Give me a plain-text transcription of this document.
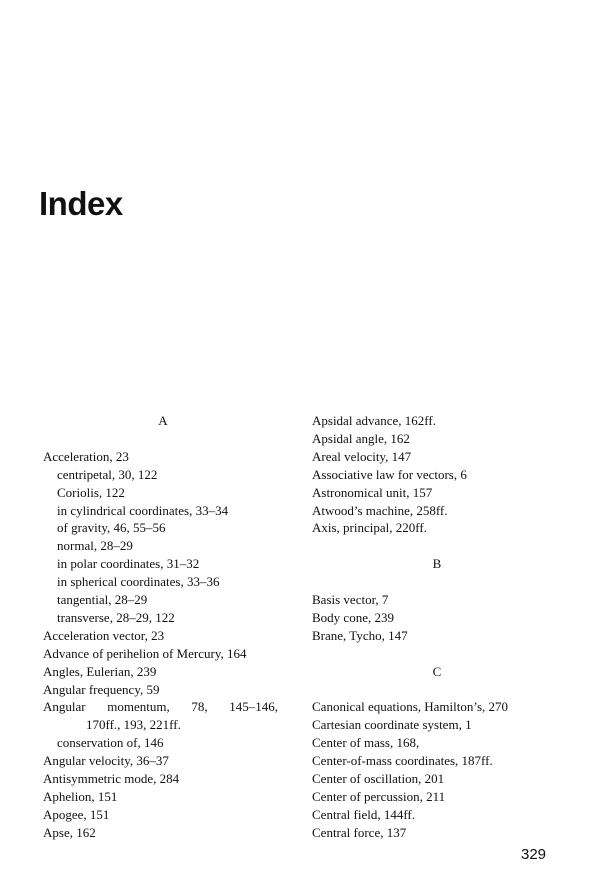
Index
A
Acceleration, 23
centripetal, 30, 122
Coriolis, 122
in cylindrical coordinates, 33–34
of gravity, 46, 55–56
normal, 28–29
in polar coordinates, 31–32
in spherical coordinates, 33–36
tangential, 28–29
transverse, 28–29, 122
Acceleration vector, 23
Advance of perihelion of Mercury, 164
Angles, Eulerian, 239
Angular frequency, 59
Angular momentum, 78, 145–146,
170ff., 193, 221ff.
conservation of, 146
Angular velocity, 36–37
Antisymmetric mode, 284
Aphelion, 151
Apogee, 151
Apse, 162
Apsidal advance, 162ff.
Apsidal angle, 162
Areal velocity, 147
Associative law for vectors, 6
Astronomical unit, 157
Atwood’s machine, 258ff.
Axis, principal, 220ff.
B
Basis vector, 7
Body cone, 239
Brane, Tycho, 147
C
Canonical equations, Hamilton’s, 270
Cartesian coordinate system, 1
Center of mass, 168,
Center-of-mass coordinates, 187ff.
Center of oscillation, 201
Center of percussion, 211
Central field, 144ff.
Central force, 137
329
